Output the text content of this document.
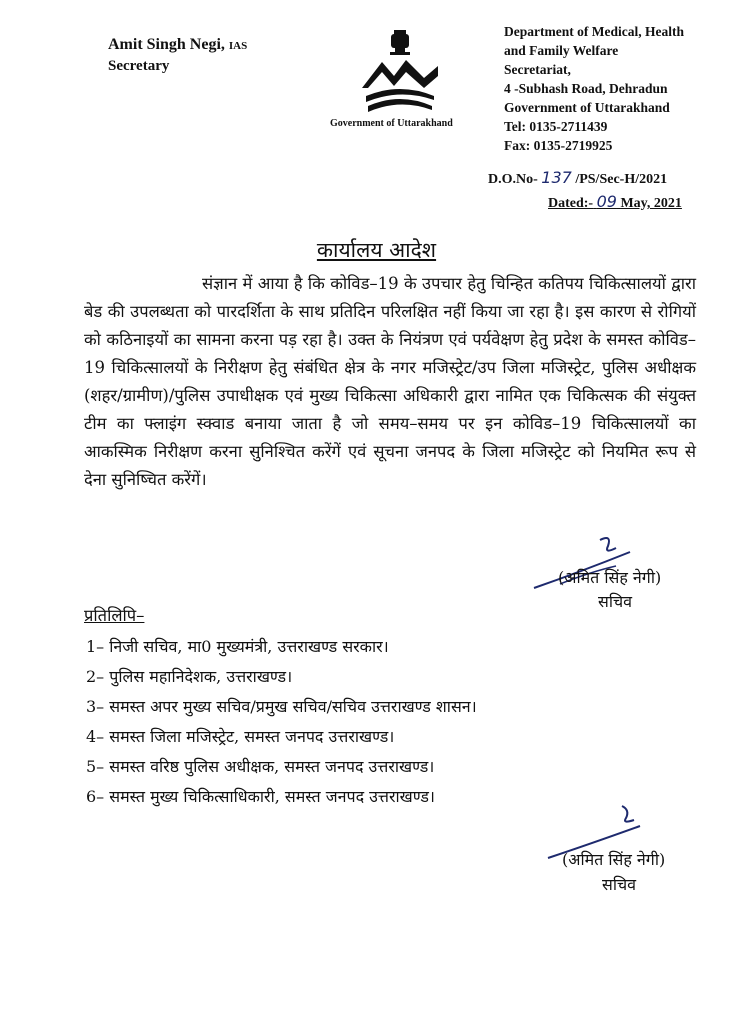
Amit Singh Negi, IAS
Secretary
Government of Uttarakhand
Department of Medical, Health
and Family Welfare
Secretariat,
4 -Subhash Road, Dehradun
Government of Uttarakhand
Tel: 0135-2711439
Fax: 0135-2719925
D.O.No- 137 /PS/Sec-H/2021
Dated:- 09 May, 2021
कार्यालय आदेश
संज्ञान में आया है कि कोविड–19 के उपचार हेतु चिन्हित कतिपय चिकित्सालयों द्वारा बेड की उपलब्धता को पारदर्शिता के साथ प्रतिदिन परिलक्षित नहीं किया जा रहा है। इस कारण से रोगियों को कठिनाइयों का सामना करना पड़ रहा है। उक्त के नियंत्रण एवं पर्यवेक्षण हेतु प्रदेश के समस्त कोविड–19 चिकित्सालयों के निरीक्षण हेतु संबंधित क्षेत्र के नगर मजिस्ट्रेट/उप जिला मजिस्ट्रेट, पुलिस अधीक्षक (शहर/ग्रामीण)/पुलिस उपाधीक्षक एवं मुख्य चिकित्सा अधिकारी द्वारा नामित एक चिकित्सक की संयुक्त टीम का फ्लाइंग स्क्वाड बनाया जाता है जो समय–समय पर इन कोविड–19 चिकित्सालयों का आकस्मिक निरीक्षण करना सुनिश्चित करेंगें एवं सूचना जनपद के जिला मजिस्ट्रेट को नियमित रूप से देना सुनिष्चित करेंगें।
(अमित सिंह नेगी)
सचिव
प्रतिलिपि–
1– निजी सचिव, मा0 मुख्यमंत्री, उत्तराखण्ड सरकार।
2– पुलिस महानिदेशक, उत्तराखण्ड।
3– समस्त अपर मुख्य सचिव/प्रमुख सचिव/सचिव उत्तराखण्ड शासन।
4– समस्त जिला मजिस्ट्रेट, समस्त जनपद उत्तराखण्ड।
5– समस्त वरिष्ठ पुलिस अधीक्षक, समस्त जनपद उत्तराखण्ड।
6– समस्त मुख्य चिकित्साधिकारी, समस्त जनपद उत्तराखण्ड।
(अमित सिंह नेगी)
सचिव
